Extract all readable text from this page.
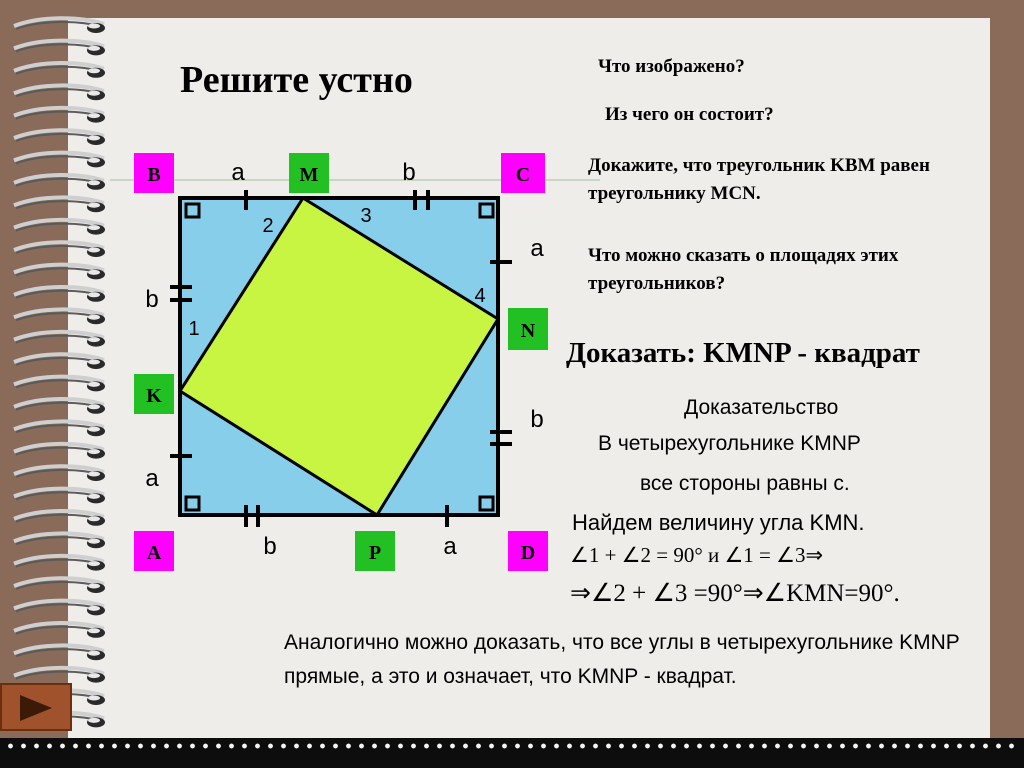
Решите устно	Что изображено?

Из чего он состоит?

Докажите, что треугольник KBM равен треугольнику MCN.

Что можно сказать о площадях этих треугольников?

Доказать: KMNP - квадрат

Доказательство

В четырехугольнике KMNP

все стороны равны с.

Найдем величину угла KMN.

∠1 + ∠2 = 90° и ∠1 = ∠3⇒

⇒∠2 + ∠3 =90°⇒∠KMN=90°.

Аналогично можно доказать, что все углы в четырехугольнике KMNP прямые, а это и означает, что KMNP - квадрат.

B	M	C
N
K
A	P	D
a	b
a
b
b
a
b	a
1
2	3
4
